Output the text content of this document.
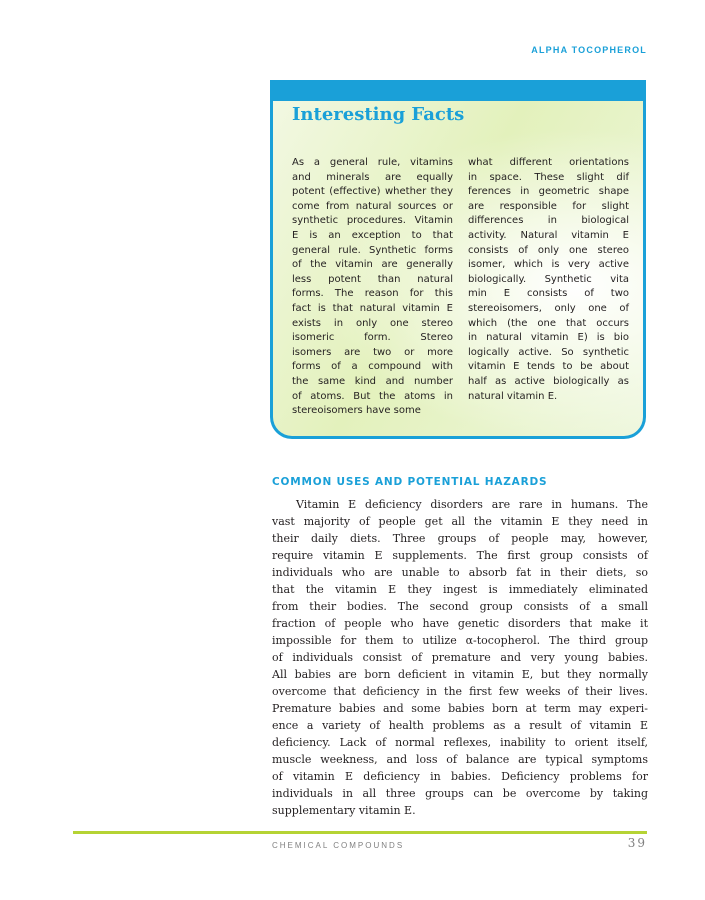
ALPHA TOCOPHEROL
Interesting Facts

As a general rule, vitamins
and minerals are equally
potent (effective) whether they
come from natural sources or
synthetic procedures. Vitamin
E is an exception to that
general rule. Synthetic forms
of the vitamin are generally
less potent than natural
forms. The reason for this
fact is that natural vitamin E
exists in only one stereo
isomeric form. Stereo
isomers are two or more
forms of a compound with
the same kind and number
of atoms. But the atoms in
stereoisomers have some

what different orientations
in space. These slight dif
ferences in geometric shape
are responsible for slight
differences in biological
activity. Natural vitamin E
consists of only one stereo
isomer, which is very active
biologically. Synthetic vita
min E consists of two
stereoisomers, only one of
which (the one that occurs
in natural vitamin E) is bio
logically active. So synthetic
vitamin E tends to be about
half as active biologically as
natural vitamin E.

COMMON USES AND POTENTIAL HAZARDS

Vitamin E deficiency disorders are rare in humans. The
vast majority of people get all the vitamin E they need in
their daily diets. Three groups of people may, however,
require vitamin E supplements. The first group consists of
individuals who are unable to absorb fat in their diets, so
that the vitamin E they ingest is immediately eliminated
from their bodies. The second group consists of a small
fraction of people who have genetic disorders that make it
impossible for them to utilize α-tocopherol. The third group
of individuals consist of premature and very young babies.
All babies are born deficient in vitamin E, but they normally
overcome that deficiency in the first few weeks of their lives.
Premature babies and some babies born at term may experi-
ence a variety of health problems as a result of vitamin E
deficiency. Lack of normal reflexes, inability to orient itself,
muscle weekness, and loss of balance are typical symptoms
of vitamin E deficiency in babies. Deficiency problems for
individuals in all three groups can be overcome by taking
supplementary vitamin E.

CHEMICAL COMPOUNDS	39
